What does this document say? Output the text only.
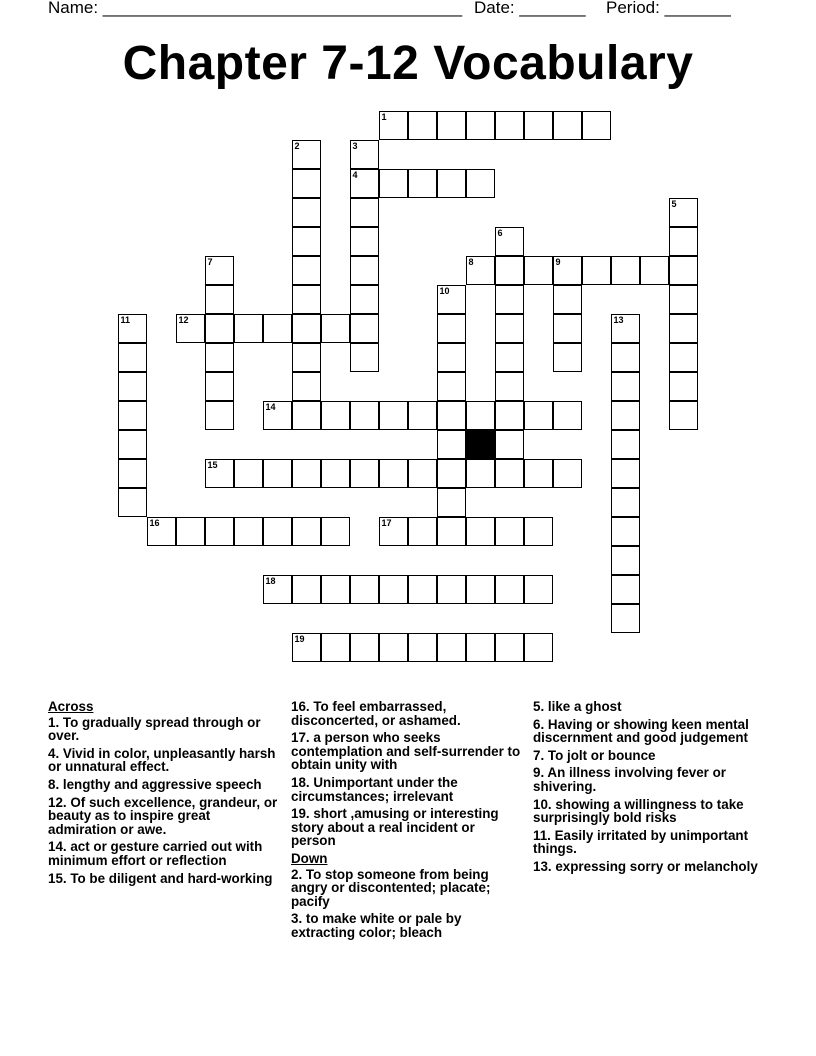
Name: ______________________________________ Date: _______ Period: _______
Chapter 7-12 Vocabulary
1
2	3
4
5
6
7	8	9
10
11	12	13
14
15
16	17
18
19
Across
1. To gradually spread through or over.
4. Vivid in color, unpleasantly harsh or unnatural effect.
8. lengthy and aggressive speech
12. Of such excellence, grandeur, or beauty as to inspire great admiration or awe.
14. act or gesture carried out with minimum effort or reflection
15. To be diligent and hard-working
16. To feel embarrassed, disconcerted, or ashamed.
17. a person who seeks contemplation and self-surrender to obtain unity with
18. Unimportant under the circumstances; irrelevant
19. short ,amusing or interesting story about a real incident or person
Down
2. To stop someone from being angry or discontented; placate; pacify
3. to make white or pale by extracting color; bleach
5. like a ghost
6. Having or showing keen mental discernment and good judgement
7. To jolt or bounce
9. An illness involving fever or shivering.
10. showing a willingness to take surprisingly bold risks
11. Easily irritated by unimportant things.
13. expressing sorry or melancholy
